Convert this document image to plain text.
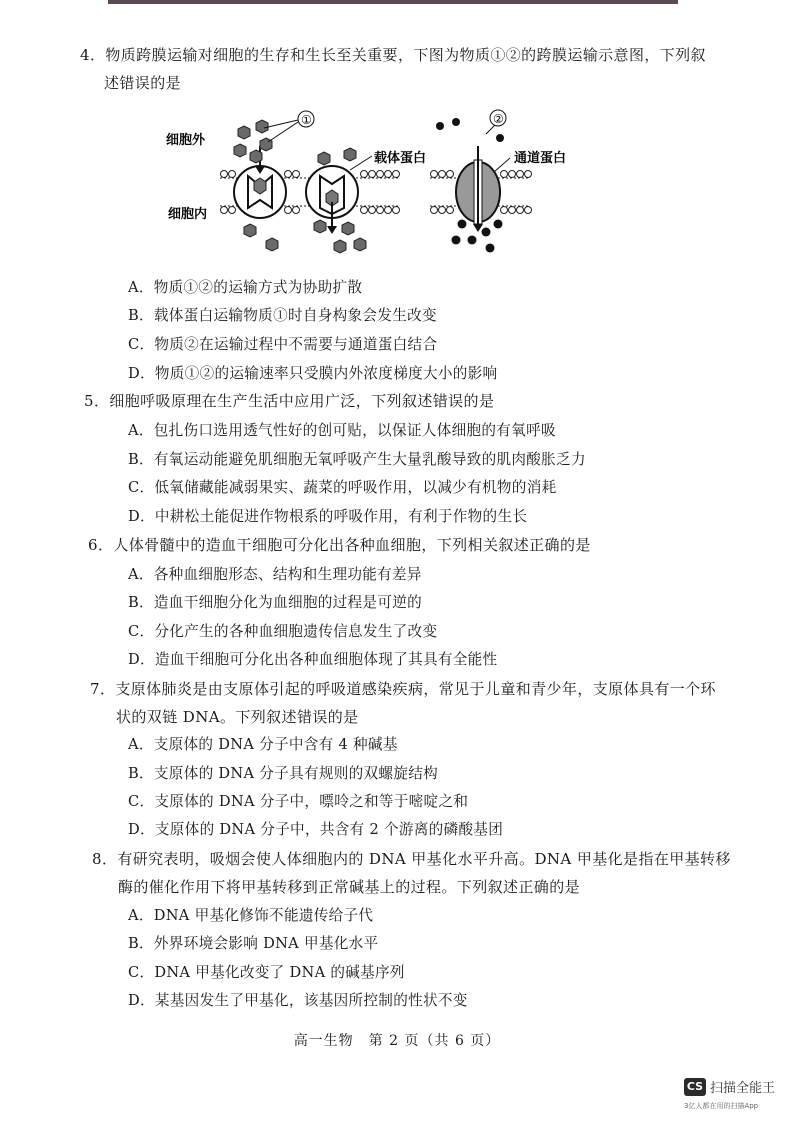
4．物质跨膜运输对细胞的生存和生长至关重要，下图为物质①②的跨膜运输示意图，下列叙
述错误的是
①
载体蛋白
细胞外
细胞内
②
通道蛋白
A．物质①②的运输方式为协助扩散
B．载体蛋白运输物质①时自身构象会发生改变
C．物质②在运输过程中不需要与通道蛋白结合
D．物质①②的运输速率只受膜内外浓度梯度大小的影响
5．细胞呼吸原理在生产生活中应用广泛，下列叙述错误的是
A．包扎伤口选用透气性好的创可贴，以保证人体细胞的有氧呼吸
B．有氧运动能避免肌细胞无氧呼吸产生大量乳酸导致的肌肉酸胀乏力
C．低氧储藏能减弱果实、蔬菜的呼吸作用，以减少有机物的消耗
D．中耕松土能促进作物根系的呼吸作用，有利于作物的生长
6．人体骨髓中的造血干细胞可分化出各种血细胞，下列相关叙述正确的是
A．各种血细胞形态、结构和生理功能有差异
B．造血干细胞分化为血细胞的过程是可逆的
C．分化产生的各种血细胞遗传信息发生了改变
D．造血干细胞可分化出各种血细胞体现了其具有全能性
7．支原体肺炎是由支原体引起的呼吸道感染疾病，常见于儿童和青少年，支原体具有一个环
状的双链 DNA。下列叙述错误的是
A．支原体的 DNA 分子中含有 4 种碱基
B．支原体的 DNA 分子具有规则的双螺旋结构
C．支原体的 DNA 分子中，嘌呤之和等于嘧啶之和
D．支原体的 DNA 分子中，共含有 2 个游离的磷酸基团
8．有研究表明，吸烟会使人体细胞内的 DNA 甲基化水平升高。DNA 甲基化是指在甲基转移
酶的催化作用下将甲基转移到正常碱基上的过程。下列叙述正确的是
A．DNA 甲基化修饰不能遗传给子代
B．外界环境会影响 DNA 甲基化水平
C．DNA 甲基化改变了 DNA 的碱基序列
D．某基因发生了甲基化，该基因所控制的性状不变
高一生物　第 2 页（共 6 页）
CS 扫描全能王
3亿人都在用的扫描App
